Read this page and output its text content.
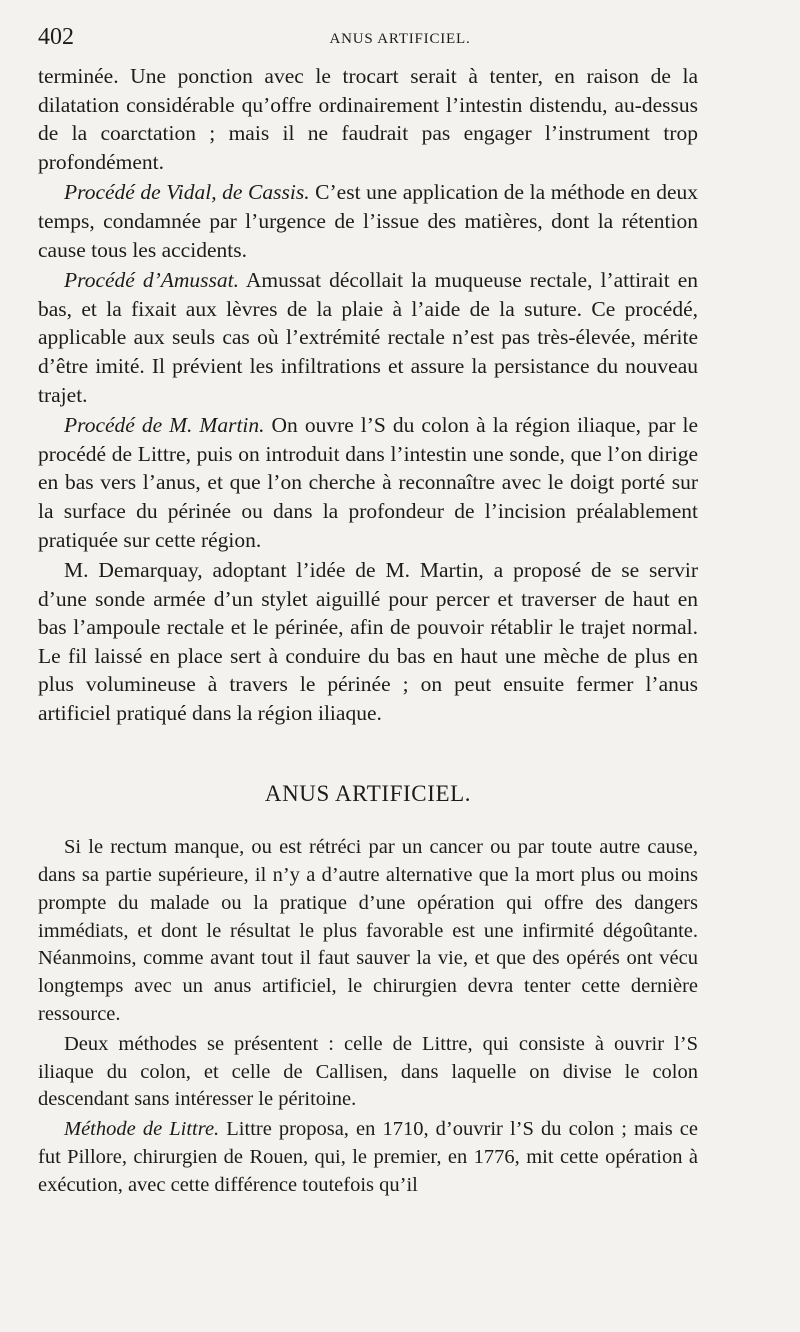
402	ANUS ARTIFICIEL.

terminée. Une ponction avec le trocart serait à tenter, en raison de la dilatation considérable qu’offre ordinairement l’intestin distendu, au-dessus de la coarctation ; mais il ne faudrait pas engager l’instrument trop profondément.

Procédé de Vidal, de Cassis. C’est une application de la méthode en deux temps, condamnée par l’urgence de l’issue des matières, dont la rétention cause tous les accidents.

Procédé d’Amussat. Amussat décollait la muqueuse rectale, l’attirait en bas, et la fixait aux lèvres de la plaie à l’aide de la suture. Ce procédé, applicable aux seuls cas où l’extrémité rectale n’est pas très-élevée, mérite d’être imité. Il prévient les infiltrations et assure la persistance du nouveau trajet.

Procédé de M. Martin. On ouvre l’S du colon à la région iliaque, par le procédé de Littre, puis on introduit dans l’intestin une sonde, que l’on dirige en bas vers l’anus, et que l’on cherche à reconnaître avec le doigt porté sur la surface du périnée ou dans la profondeur de l’incision préalablement pratiquée sur cette région.

M. Demarquay, adoptant l’idée de M. Martin, a proposé de se servir d’une sonde armée d’un stylet aiguillé pour percer et traverser de haut en bas l’ampoule rectale et le périnée, afin de pouvoir rétablir le trajet normal. Le fil laissé en place sert à conduire du bas en haut une mèche de plus en plus volumineuse à travers le périnée ; on peut ensuite fermer l’anus artificiel pratiqué dans la région iliaque.

ANUS ARTIFICIEL.

Si le rectum manque, ou est rétréci par un cancer ou par toute autre cause, dans sa partie supérieure, il n’y a d’autre alternative que la mort plus ou moins prompte du malade ou la pratique d’une opération qui offre des dangers immédiats, et dont le résultat le plus favorable est une infirmité dégoûtante. Néanmoins, comme avant tout il faut sauver la vie, et que des opérés ont vécu longtemps avec un anus artificiel, le chirurgien devra tenter cette dernière ressource.

Deux méthodes se présentent : celle de Littre, qui consiste à ouvrir l’S iliaque du colon, et celle de Callisen, dans laquelle on divise le colon descendant sans intéresser le péritoine.

Méthode de Littre. Littre proposa, en 1710, d’ouvrir l’S du colon ; mais ce fut Pillore, chirurgien de Rouen, qui, le premier, en 1776, mit cette opération à exécution, avec cette différence toutefois qu’il
